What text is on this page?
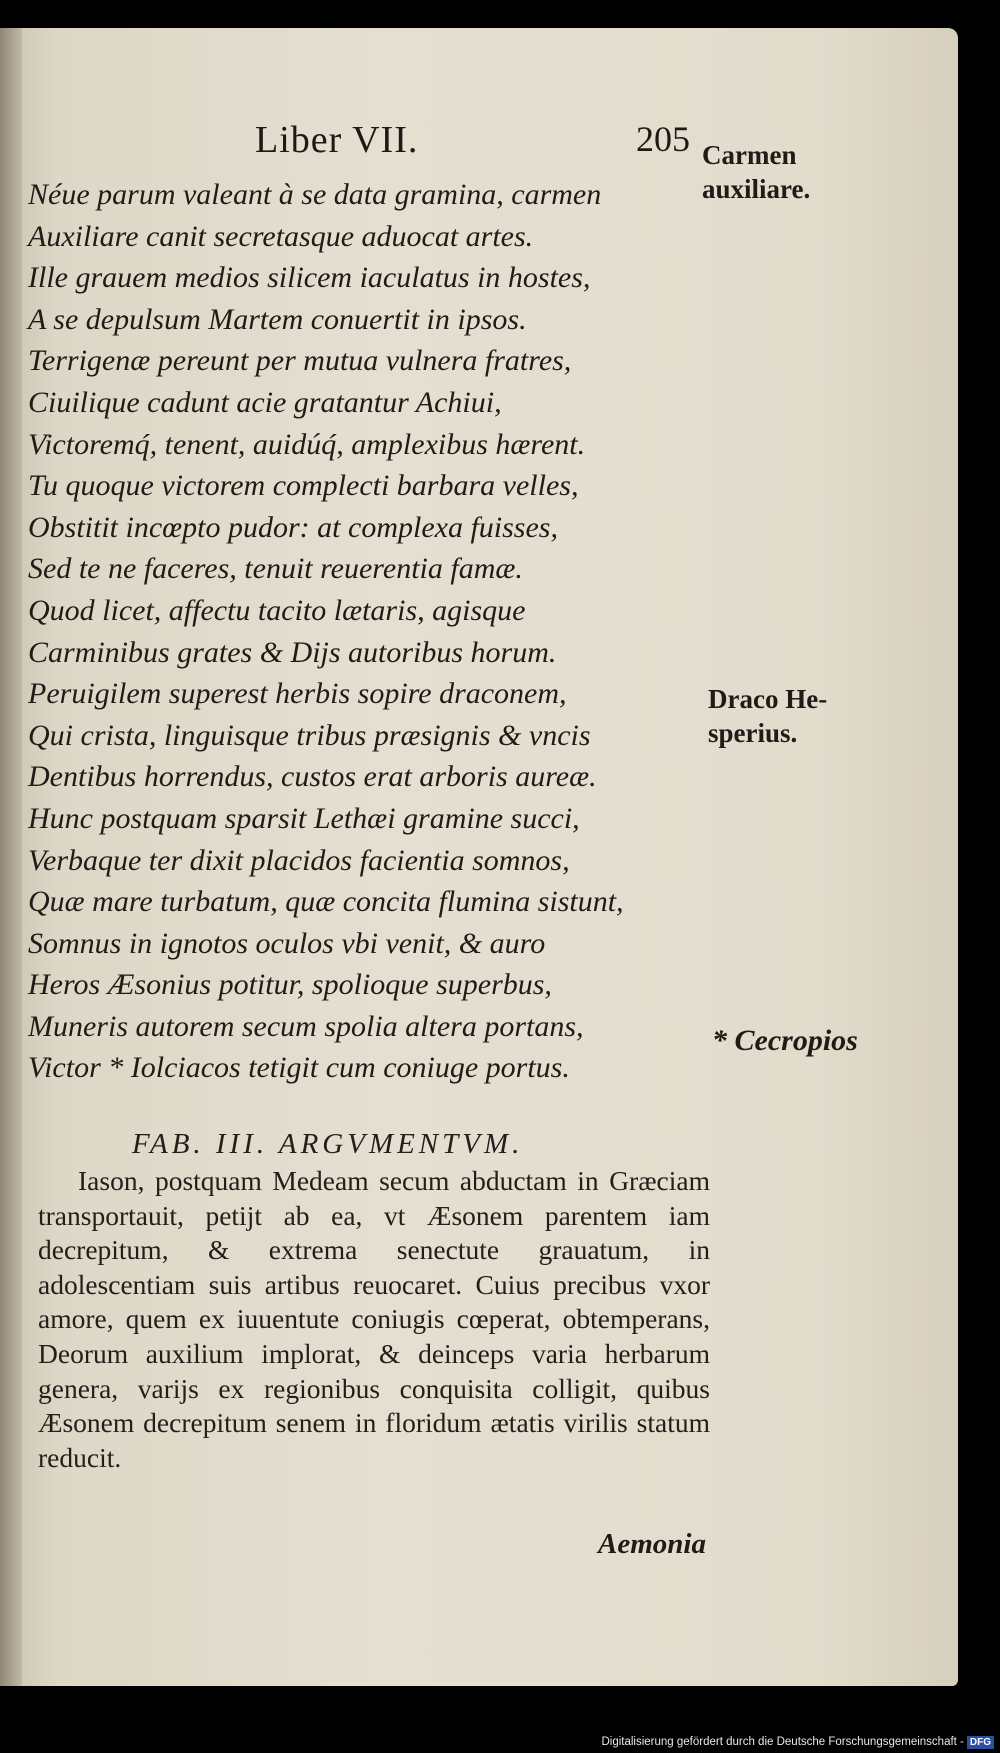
Liber VII.	205
Néue parum valeant à se data gramina, carmen
Auxiliare canit secretasque aduocat artes.
Ille grauem medios silicem iaculatus in hostes,
A se depulsum Martem conuertit in ipsos.
Terrigenæ pereunt per mutua vulnera fratres,
Ciuilique cadunt acie gratantur Achiui,
Victoremq́, tenent, auidúq́, amplexibus hærent.
Tu quoque victorem complecti barbara velles,
Obstitit incœpto pudor: at complexa fuisses,
Sed te ne faceres, tenuit reuerentia famæ.
Quod licet, affectu tacito lætaris, agisque
Carminibus grates & Dijs autoribus horum.
Peruigilem superest herbis sopire draconem,
Qui crista, linguisque tribus præsignis & vncis
Dentibus horrendus, custos erat arboris aureæ.
Hunc postquam sparsit Lethæi gramine succi,
Verbaque ter dixit placidos facientia somnos,
Quæ mare turbatum, quæ concita flumina sistunt,
Somnus in ignotos oculos vbi venit, & auro
Heros Æsonius potitur, spolioque superbus,
Muneris autorem secum spolia altera portans,
Victor * Iolciacos tetigit cum coniuge portus.
Carmen
auxiliare.
Draco He-
sperius.
* Cecropios
FAB. III. ARGVMENTVM.
Iason, postquam Medeam secum abductam in Græciam transportauit, petijt ab ea, vt Æsonem parentem iam decrepitum, & extrema senectute grauatum, in adolescentiam suis artibus reuocaret. Cuius precibus vxor amore, quem ex iuuentute coniugis cœperat, obtemperans, Deorum auxilium implorat, & deinceps varia herbarum genera, varijs ex regionibus conquisita colligit, quibus Æsonem decrepitum senem in floridum ætatis virilis statum reducit.
Aemonia
Digitalisierung gefördert durch die Deutsche Forschungsgemeinschaft - DFG
